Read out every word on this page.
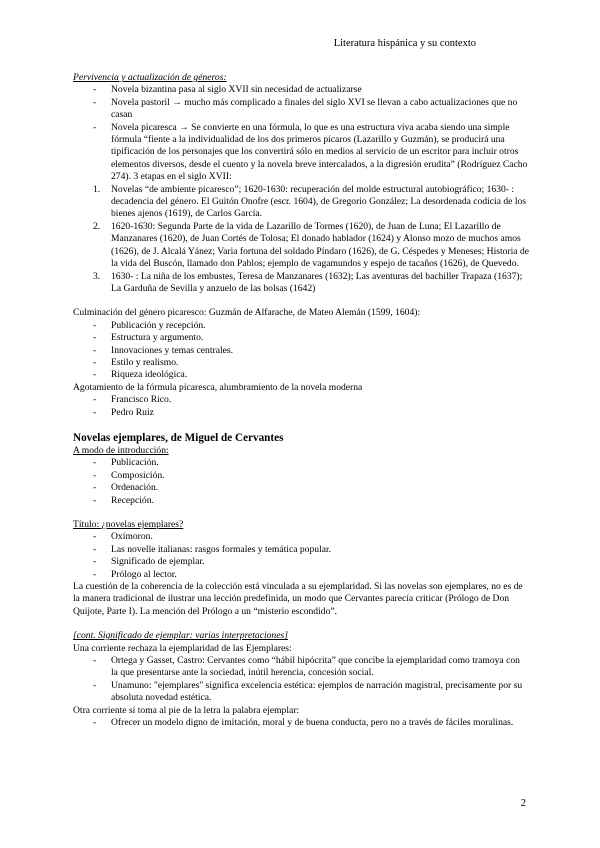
Literatura hispánica y su contexto

Pervivencia y actualización de géneros:

- Novela bizantina pasa al siglo XVII sin necesidad de actualizarse
- Novela pastoril → mucho más complicado a finales del siglo XVI se llevan a cabo actualizaciones que no casan
- Novela picaresca → Se convierte en una fórmula, lo que es una estructura viva acaba siendo una simple fórmula “fiente a la individualidad de los dos primeros pícaros (Lazarillo y Guzmán), se producirá una tipificación de los personajes que los convertirá sólo en medios al servicio de un escritor para incluir otros elementos diversos, desde el cuento y la novela breve intercalados, a la digresión erudita” (Rodríguez Cacho 274). 3 etapas en el siglo XVII:
1. Novelas “de ambiente picaresco”; 1620-1630: recuperación del molde estructural autobiográfico; 1630- : decadencia del género. El Guitón Onofre (escr. 1604), de Gregorio González; La desordenada codicia de los bienes ajenos (1619), de Carlos García.
2. 1620-1630: Segunda Parte de la vida de Lazarillo de Tormes (1620), de Juan de Luna; El Lazarillo de Manzanares (1620), de Juan Cortés de Tolosa; El donado hablador (1624) y Alonso mozo de muchos amos (1626), de J. Alcalá Yánez; Varia fortuna del soldado Píndaro (1626), de G. Céspedes y Meneses; Historia de la vida del Buscón, llamado don Pablos; ejemplo de vagamundos y espejo de tacaños (1626), de Quevedo.
3. 1630- : La niña de los embustes, Teresa de Manzanares (1632); Las aventuras del bachiller Trapaza (1637); La Garduña de Sevilla y anzuelo de las bolsas (1642)

Culminación del género picaresco: Guzmán de Alfarache, de Mateo Alemán (1599, 1604):

- Publicación y recepción.
- Estructura y argumento.
- Innovaciones y temas centrales.
- Estilo y realismo.
- Riqueza ideológica.

Agotamiento de la fórmula picaresca, alumbramiento de la novela moderna

- Francisco Rico.
- Pedro Ruiz

Novelas ejemplares, de Miguel de Cervantes

A modo de introducción:

- Publicación.
- Composición.
- Ordenación.
- Recepción.

Título: ¿novelas ejemplares?

- Oxímoron.
- Las novelle italianas: rasgos formales y temática popular.
- Significado de ejemplar.
- Prólogo al lector.

La cuestión de la coherencia de la colección está vinculada a su ejemplaridad. Si las novelas son ejemplares, no es de la manera tradicional de ilustrar una lección predefinida, un modo que Cervantes parecía criticar (Prólogo de Don Quijote, Parte I). La mención del Prólogo a un “misterio escondido”.

[cont. Significado de ejemplar: varias interpretaciones]

Una corriente rechaza la ejemplaridad de las Ejemplares:

- Ortega y Gasset, Castro: Cervantes como “hábil hipócrita” que concibe la ejemplaridad como tramoya con la que presentarse ante la sociedad, inútil herencia, concesión social.
- Unamuno: "ejemplares" significa excelencia estética: ejemplos de narración magistral, precisamente por su absoluta novedad estética.

Otra corriente sí toma al pie de la letra la palabra ejemplar:

- Ofrecer un modelo digno de imitación, moral y de buena conducta, pero no a través de fáciles moralinas.
2
